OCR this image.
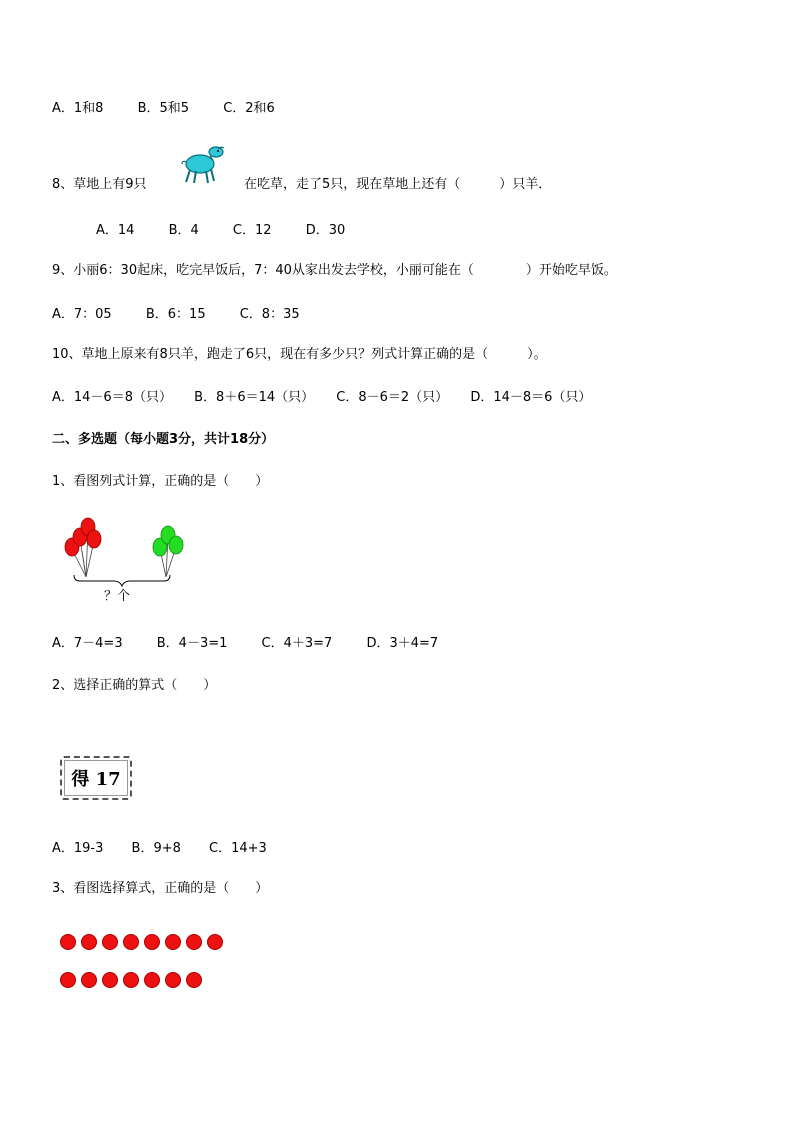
A．1和8	B．5和5	C．2和6
8、草地上有9只	在吃草，走了5只，现在草地上还有（　　　）只羊．
A．14	B．4	C．12	D．30
9、小丽6：30起床，吃完早饭后，7：40从家出发去学校，小丽可能在（　　　　）开始吃早饭。
A．7：05	B．6：15	C．8：35
10、草地上原来有8只羊，跑走了6只，现在有多少只？列式计算正确的是（　　　）。
A．14－6＝8（只） B．8＋6＝14（只） C．8－6＝2（只） D．14－8＝6（只）
二、多选题（每小题3分，共计18分）
1、看图列式计算，正确的是（　　）
？个
A．7－4=3	B．4－3=1	C．4＋3=7	D．3＋4=7
2、选择正确的算式（　　）
得 17
A．19-3 B．9+8 C．14+3
3、看图选择算式，正确的是（　　）
